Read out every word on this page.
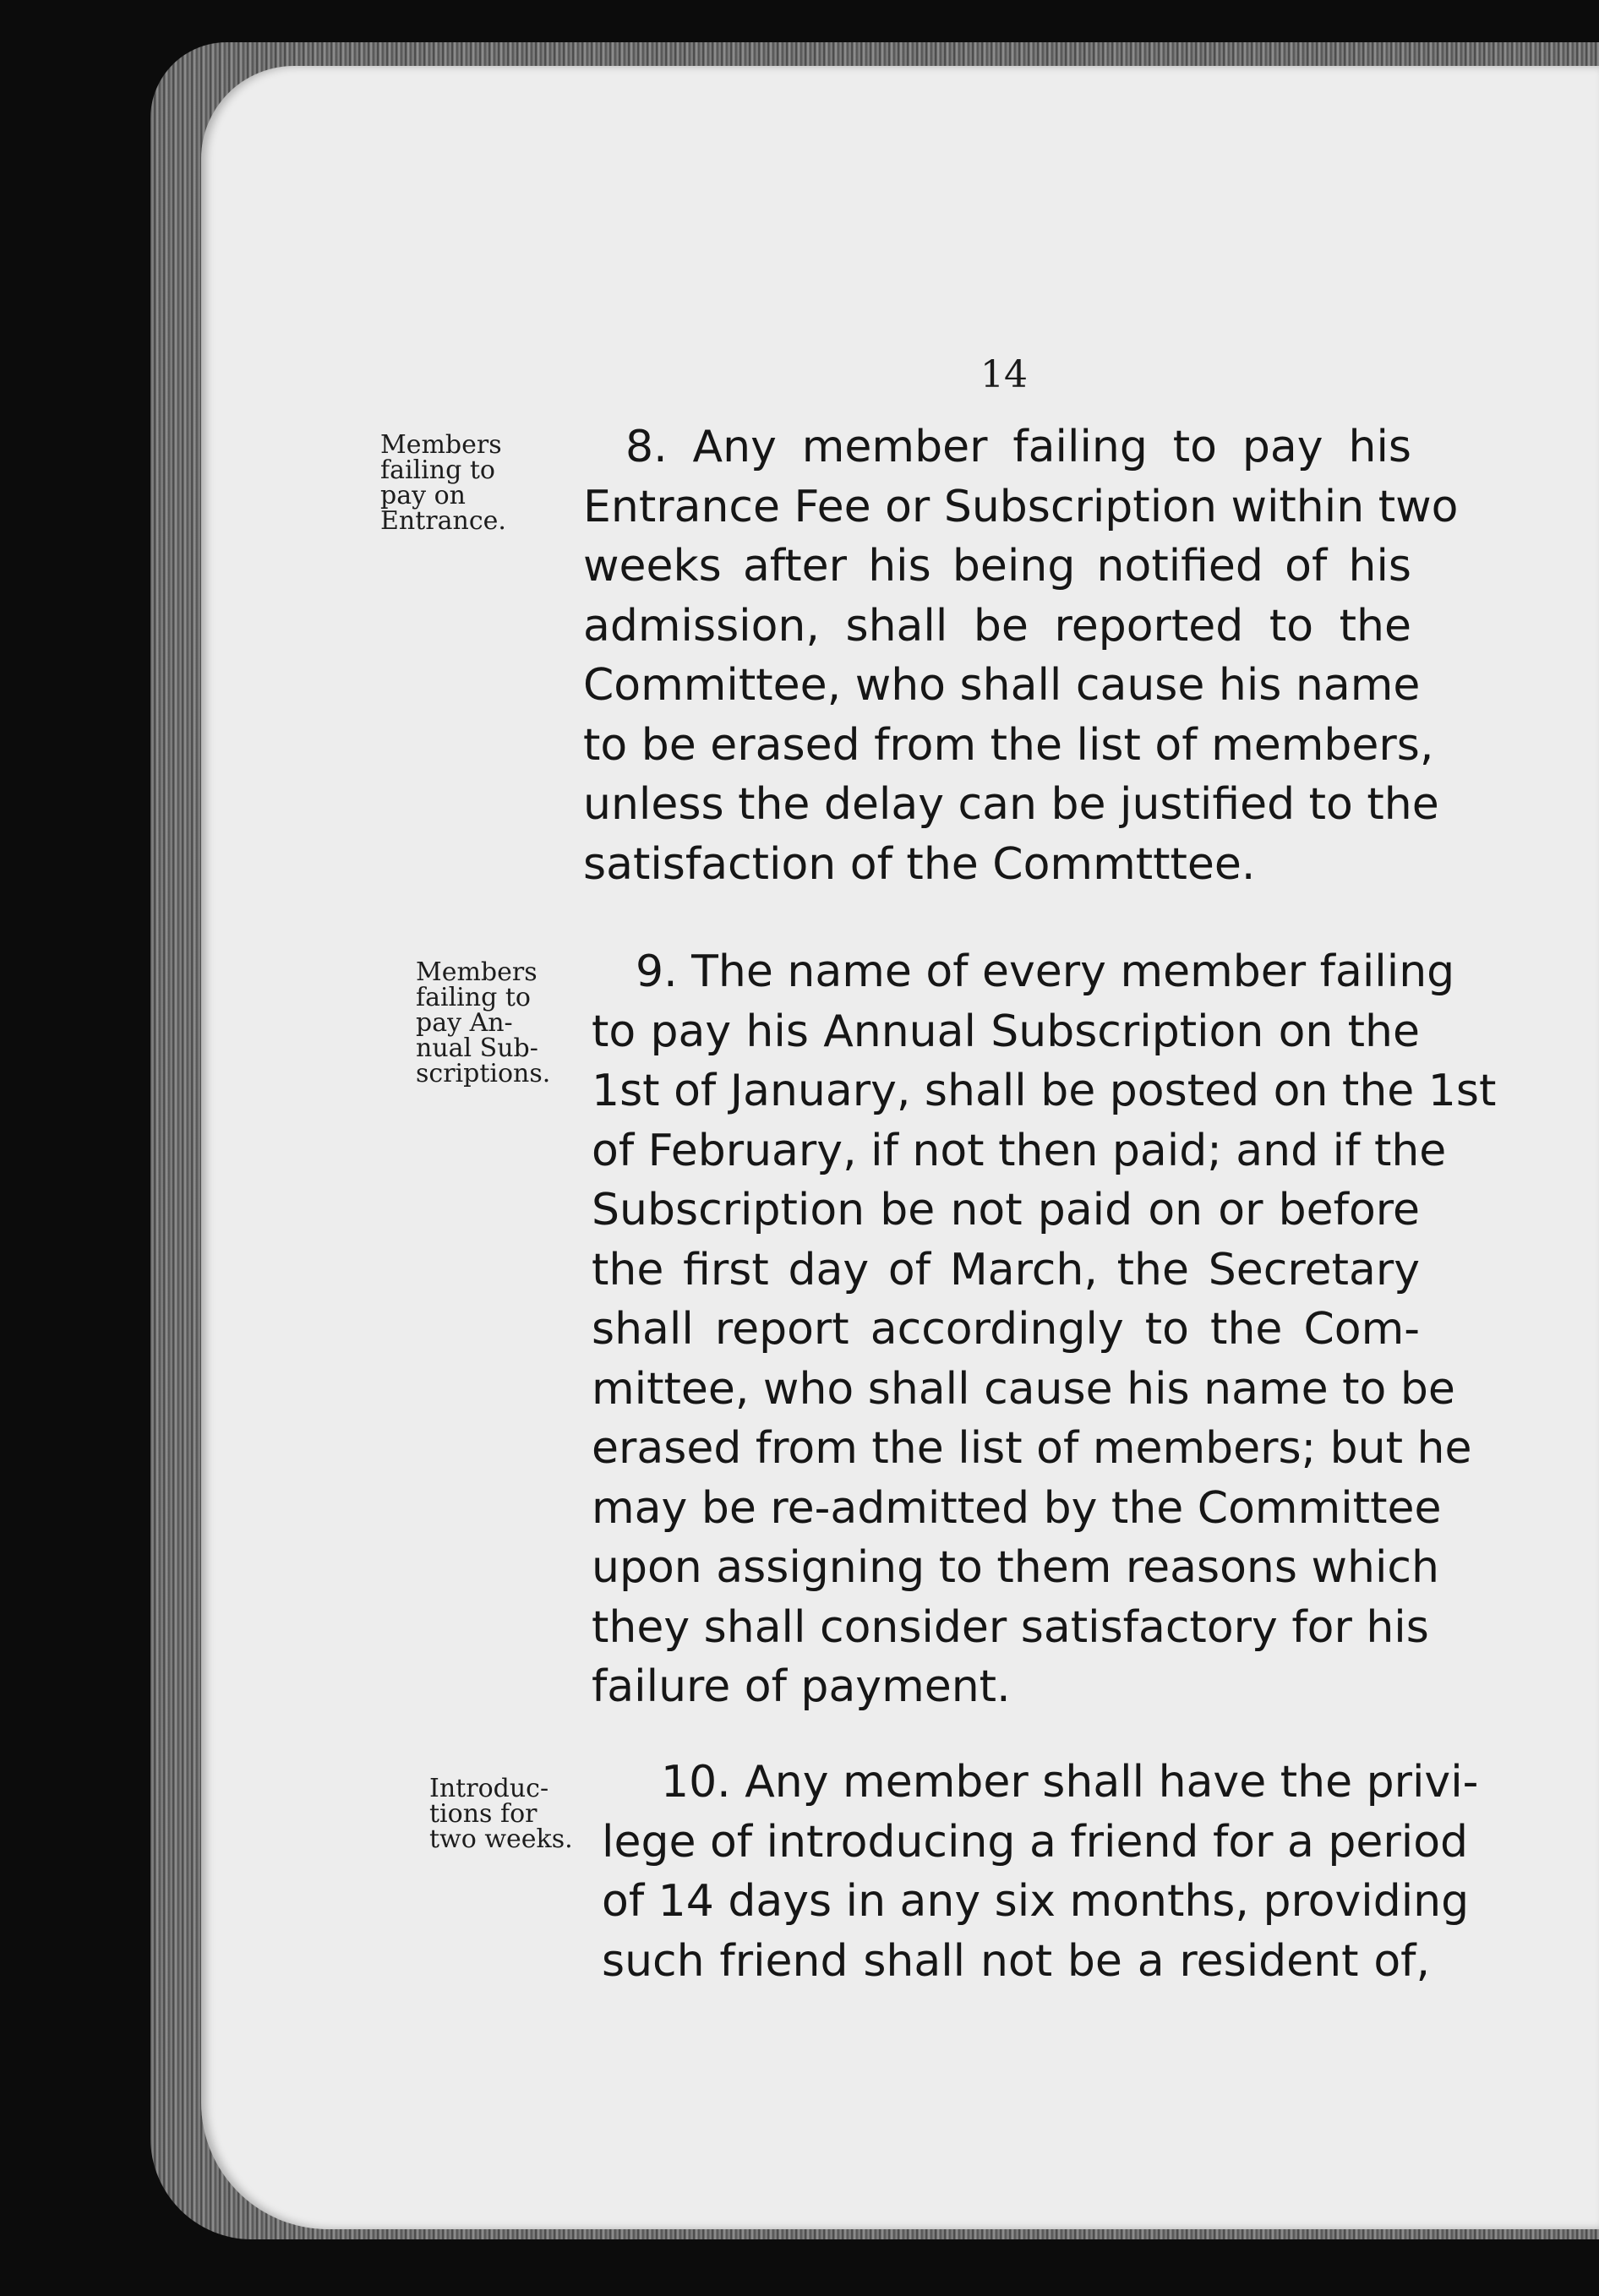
14
Members
failing to
pay on
Entrance.
8. Any member failing to pay his
Entrance Fee or Subscription within two
weeks after his being notified of his
admission, shall be reported to the
Committee, who shall cause his name
to be erased from the list of members,
unless the delay can be justified to the
satisfaction of the Commtttee.
Members
failing to
pay An-
nual Sub-
scriptions.
9. The name of every member failing
to pay his Annual Subscription on the
1st of January, shall be posted on the 1st
of February, if not then paid; and if the
Subscription be not paid on or before
the first day of March, the Secretary
shall report accordingly to the Com-
mittee, who shall cause his name to be
erased from the list of members; but he
may be re-admitted by the Committee
upon assigning to them reasons which
they shall consider satisfactory for his
failure of payment.
Introduc-
tions for
two weeks.
10. Any member shall have the privi-
lege of introducing a friend for a period
of 14 days in any six months, providing
such friend shall not be a resident of,
